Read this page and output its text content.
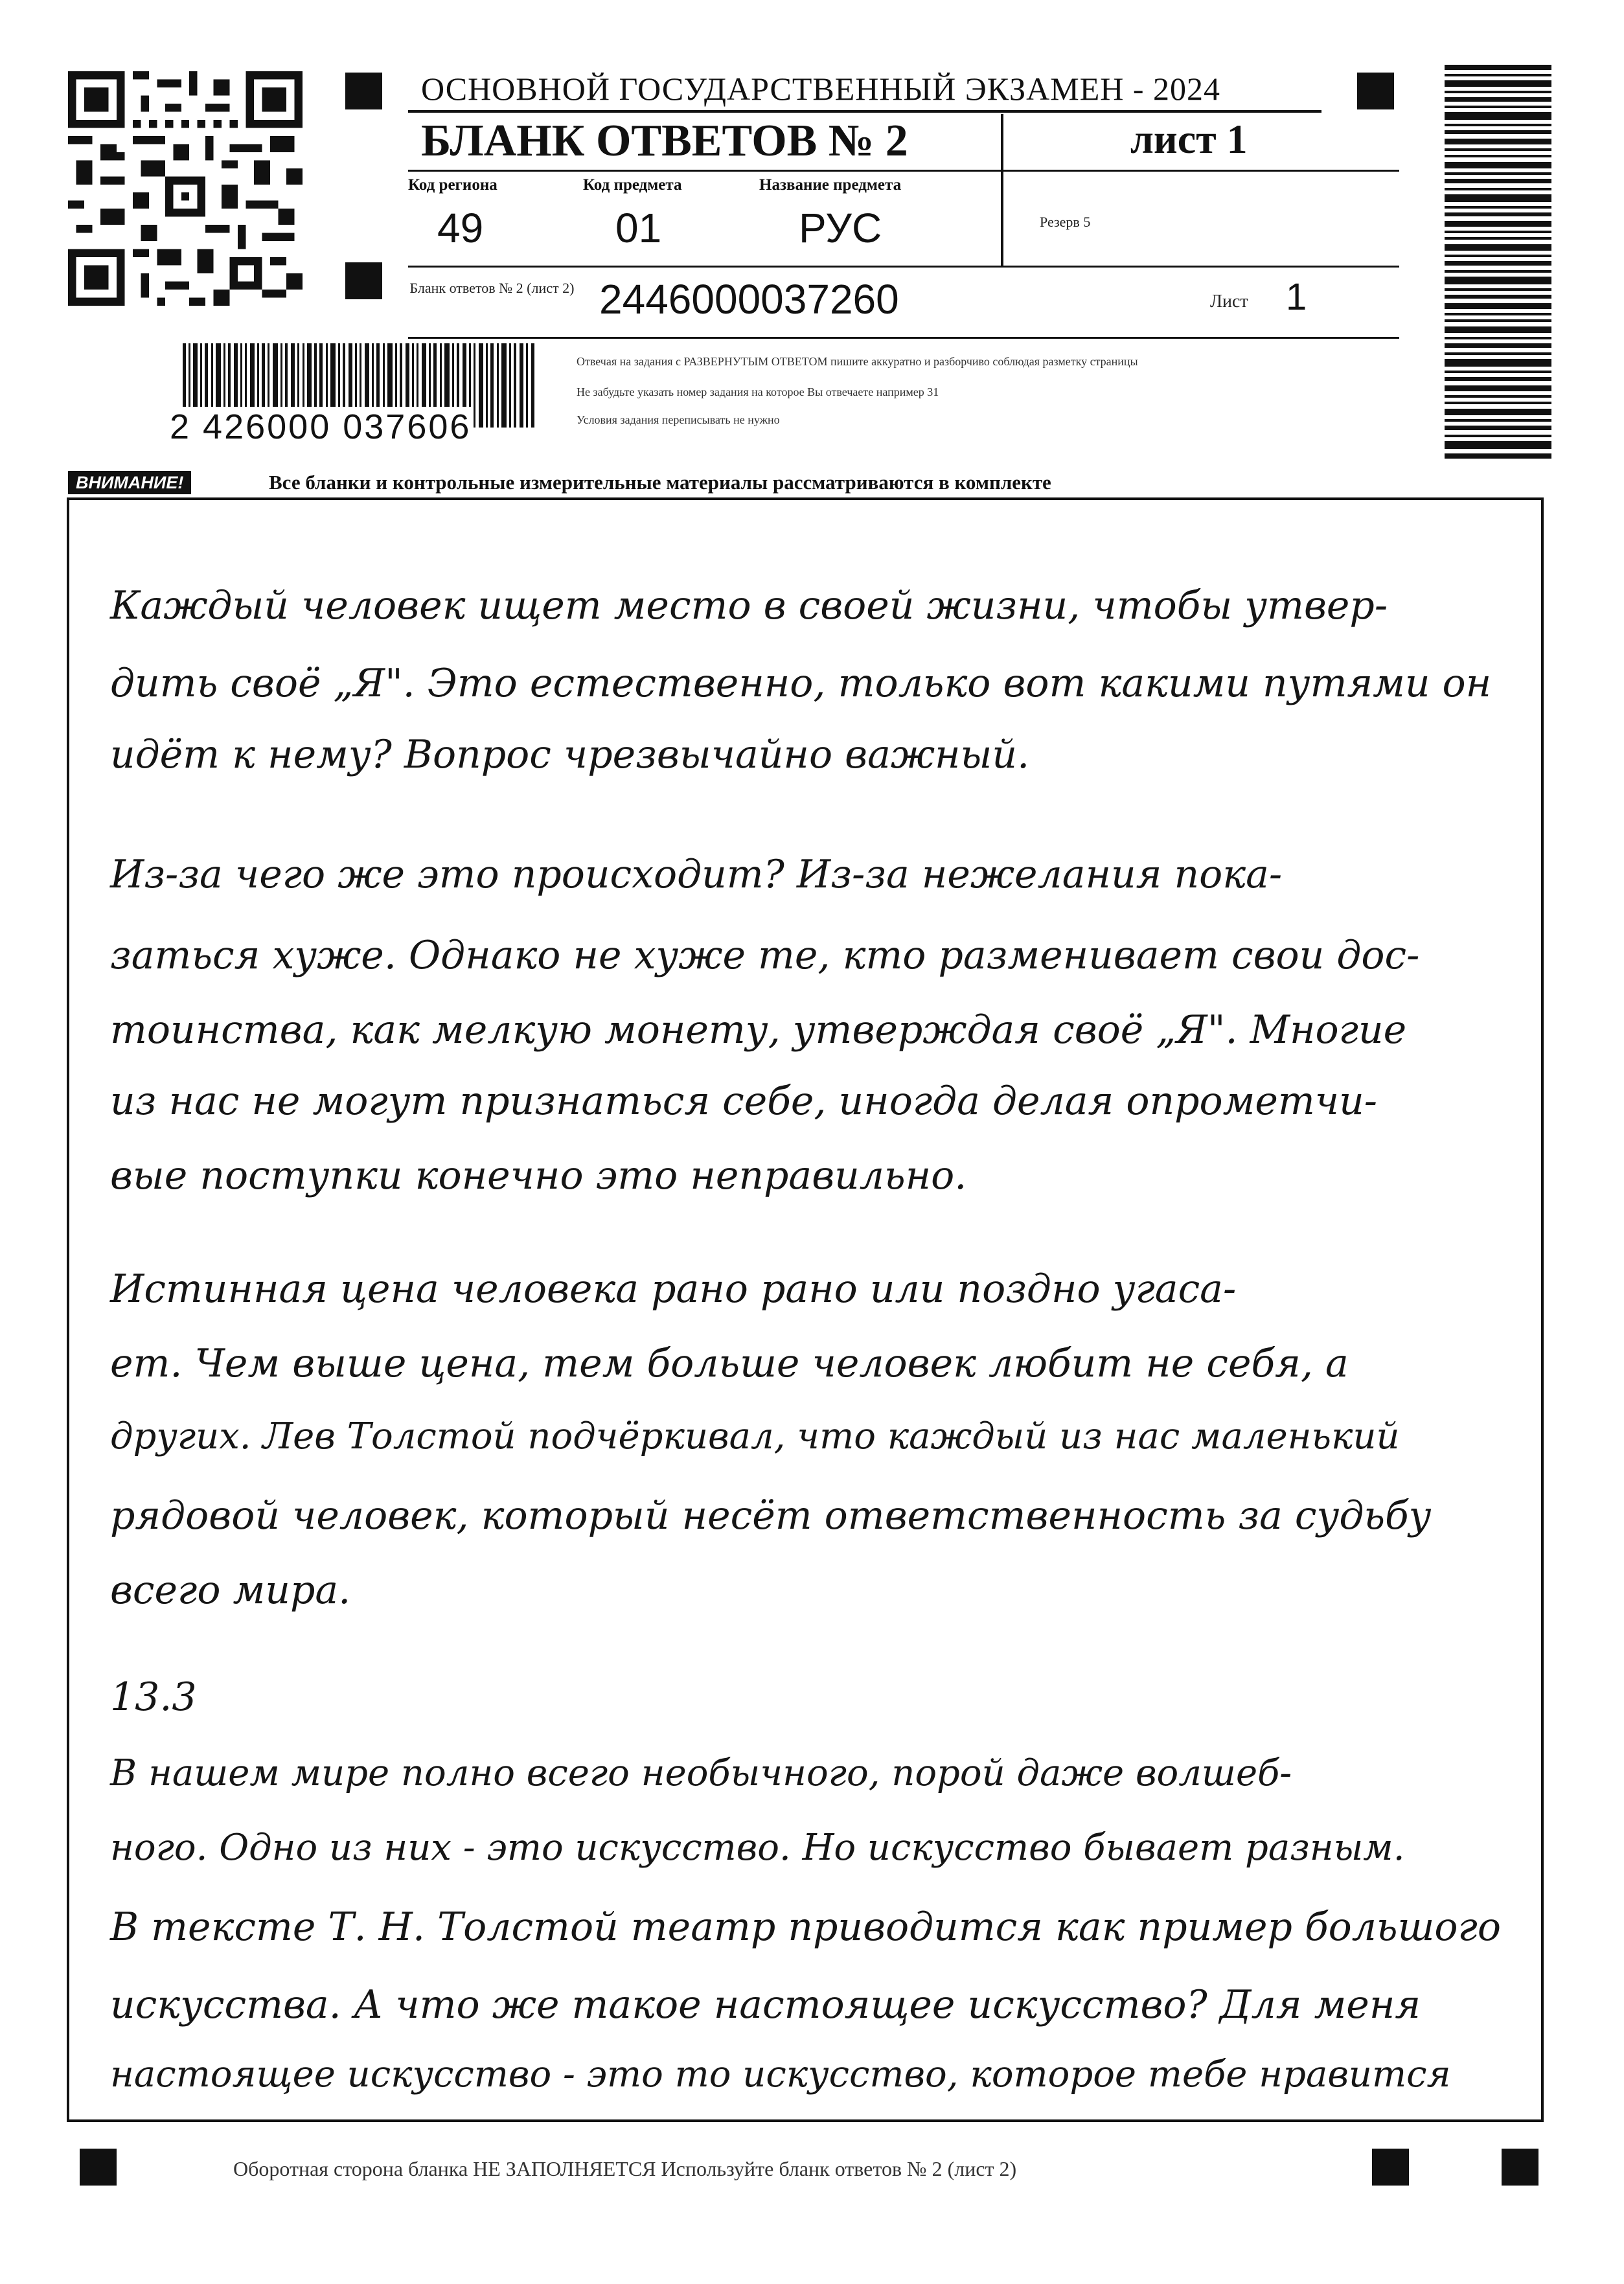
ОСНОВНОЙ ГОСУДАРСТВЕННЫЙ ЭКЗАМЕН - 2024
БЛАНК ОТВЕТОВ № 2	лист 1
Код региона
49
Код предмета
01
Название предмета
РУС	Резерв 5
Бланк ответов № 2 (лист 2) 2446000037260	Лист 1
Отвечая на задания с РАЗВЕРНУТЫМ ОТВЕТОМ пишите аккуратно и разборчиво соблюдая разметку страницы
Не забудьте указать номер задания на которое Вы отвечаете например 31
Условия задания переписывать не нужно
2 426000 037606
ВНИМАНИЕ!	Все бланки и контрольные измерительные материалы рассматриваются в комплекте
Каждый человек ищет место в своей жизни, чтобы утвер-
дить своё „Я". Это естественно, только вот какими путями он
идёт к нему? Вопрос чрезвычайно важный.
Из-за чего же это происходит? Из-за нежелания пока-
заться хуже. Однако не хуже те, кто разменивает свои дос-
тоинства, как мелкую монету, утверждая своё „Я". Многие
из нас не могут признаться себе, иногда делая опрометчи-
вые поступки конечно это неправильно.
Истинная цена человека рано рано или поздно угаса-
ет. Чем выше цена, тем больше человек любит не себя, а
других. Лев Толстой подчёркивал, что каждый из нас маленький
рядовой человек, который несёт ответственность за судьбу
всего мира.
13.3
В нашем мире полно всего необычного, порой даже волшеб-
ного. Одно из них - это искусство. Но искусство бывает разным.
В тексте Т. Н. Толстой театр приводится как пример большого
искусства. А что же такое настоящее искусство? Для меня
настоящее искусство - это то искусство, которое тебе нравится
Оборотная сторона бланка НЕ ЗАПОЛНЯЕТСЯ Используйте бланк ответов № 2 (лист 2)
